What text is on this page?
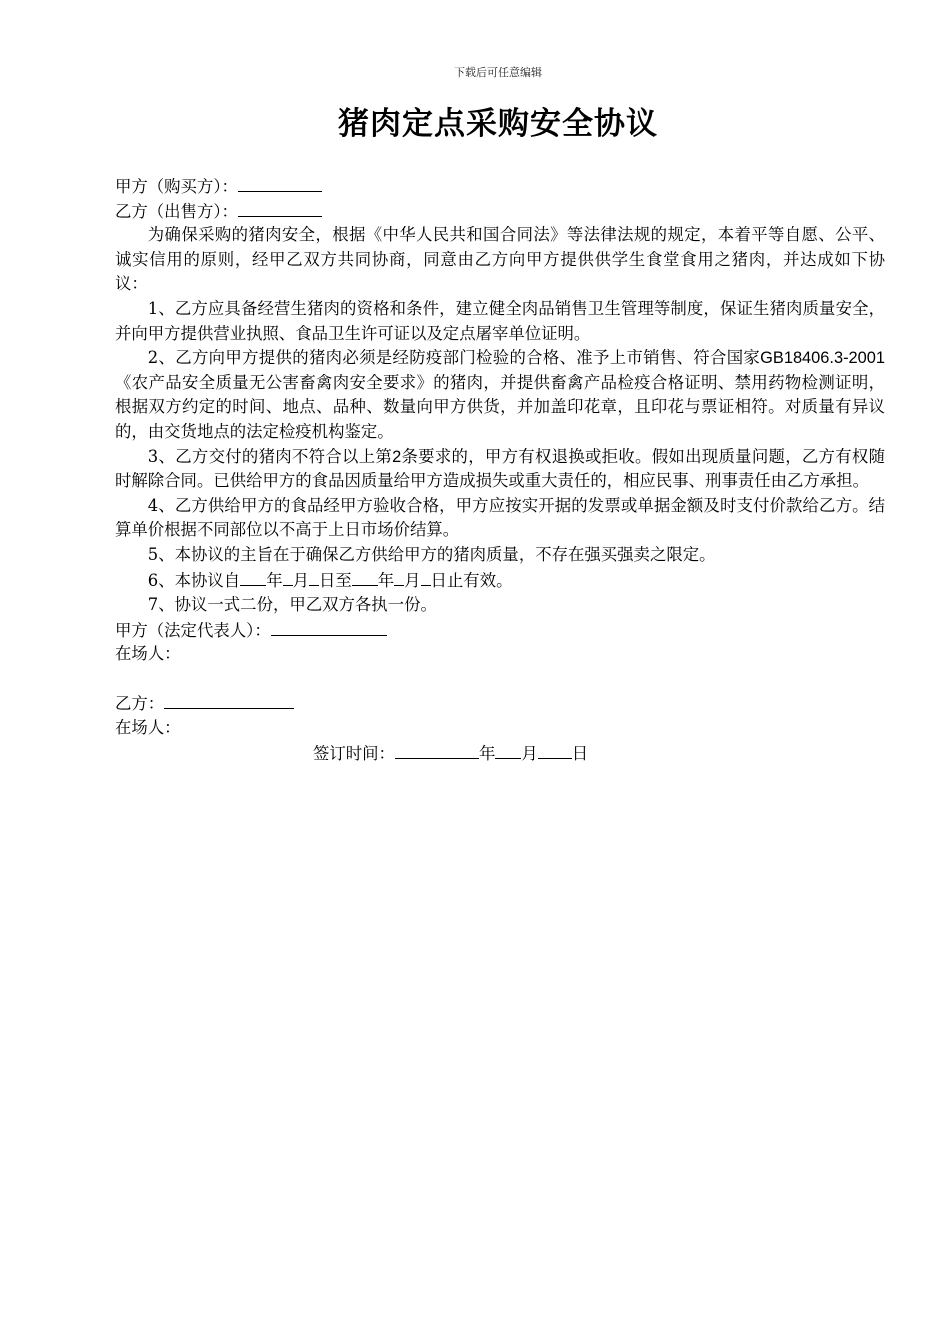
下载后可任意编辑
猪肉定点采购安全协议
甲方（购买方）：
乙方（出售方）：
为确保采购的猪肉安全，根据《中华人民共和国合同法》等法律法规的规定，本着平等自愿、公平、诚实信用的原则，经甲乙双方共同协商，同意由乙方向甲方提供供学生食堂食用之猪肉，并达成如下协议：
1、乙方应具备经营生猪肉的资格和条件，建立健全肉品销售卫生管理等制度，保证生猪肉质量安全，并向甲方提供营业执照、食品卫生许可证以及定点屠宰单位证明。
2、乙方向甲方提供的猪肉必须是经防疫部门检验的合格、准予上市销售、符合国家GB18406.3-2001《农产品安全质量无公害畜禽肉安全要求》的猪肉，并提供畜禽产品检疫合格证明、禁用药物检测证明，根据双方约定的时间、地点、品种、数量向甲方供货，并加盖印花章，且印花与票证相符。对质量有异议的，由交货地点的法定检疫机构鉴定。
3、乙方交付的猪肉不符合以上第2条要求的，甲方有权退换或拒收。假如出现质量问题，乙方有权随时解除合同。已供给甲方的食品因质量给甲方造成损失或重大责任的，相应民事、刑事责任由乙方承担。
4、乙方供给甲方的食品经甲方验收合格，甲方应按实开据的发票或单据金额及时支付价款给乙方。结算单价根据不同部位以不高于上日市场价结算。
5、本协议的主旨在于确保乙方供给甲方的猪肉质量，不存在强买强卖之限定。
6、本协议自 年 月 日至 年 月 日止有效。
7、协议一式二份，甲乙双方各执一份。
甲方（法定代表人）：
在场人：
乙方：
在场人：
签订时间：	年 月 日
